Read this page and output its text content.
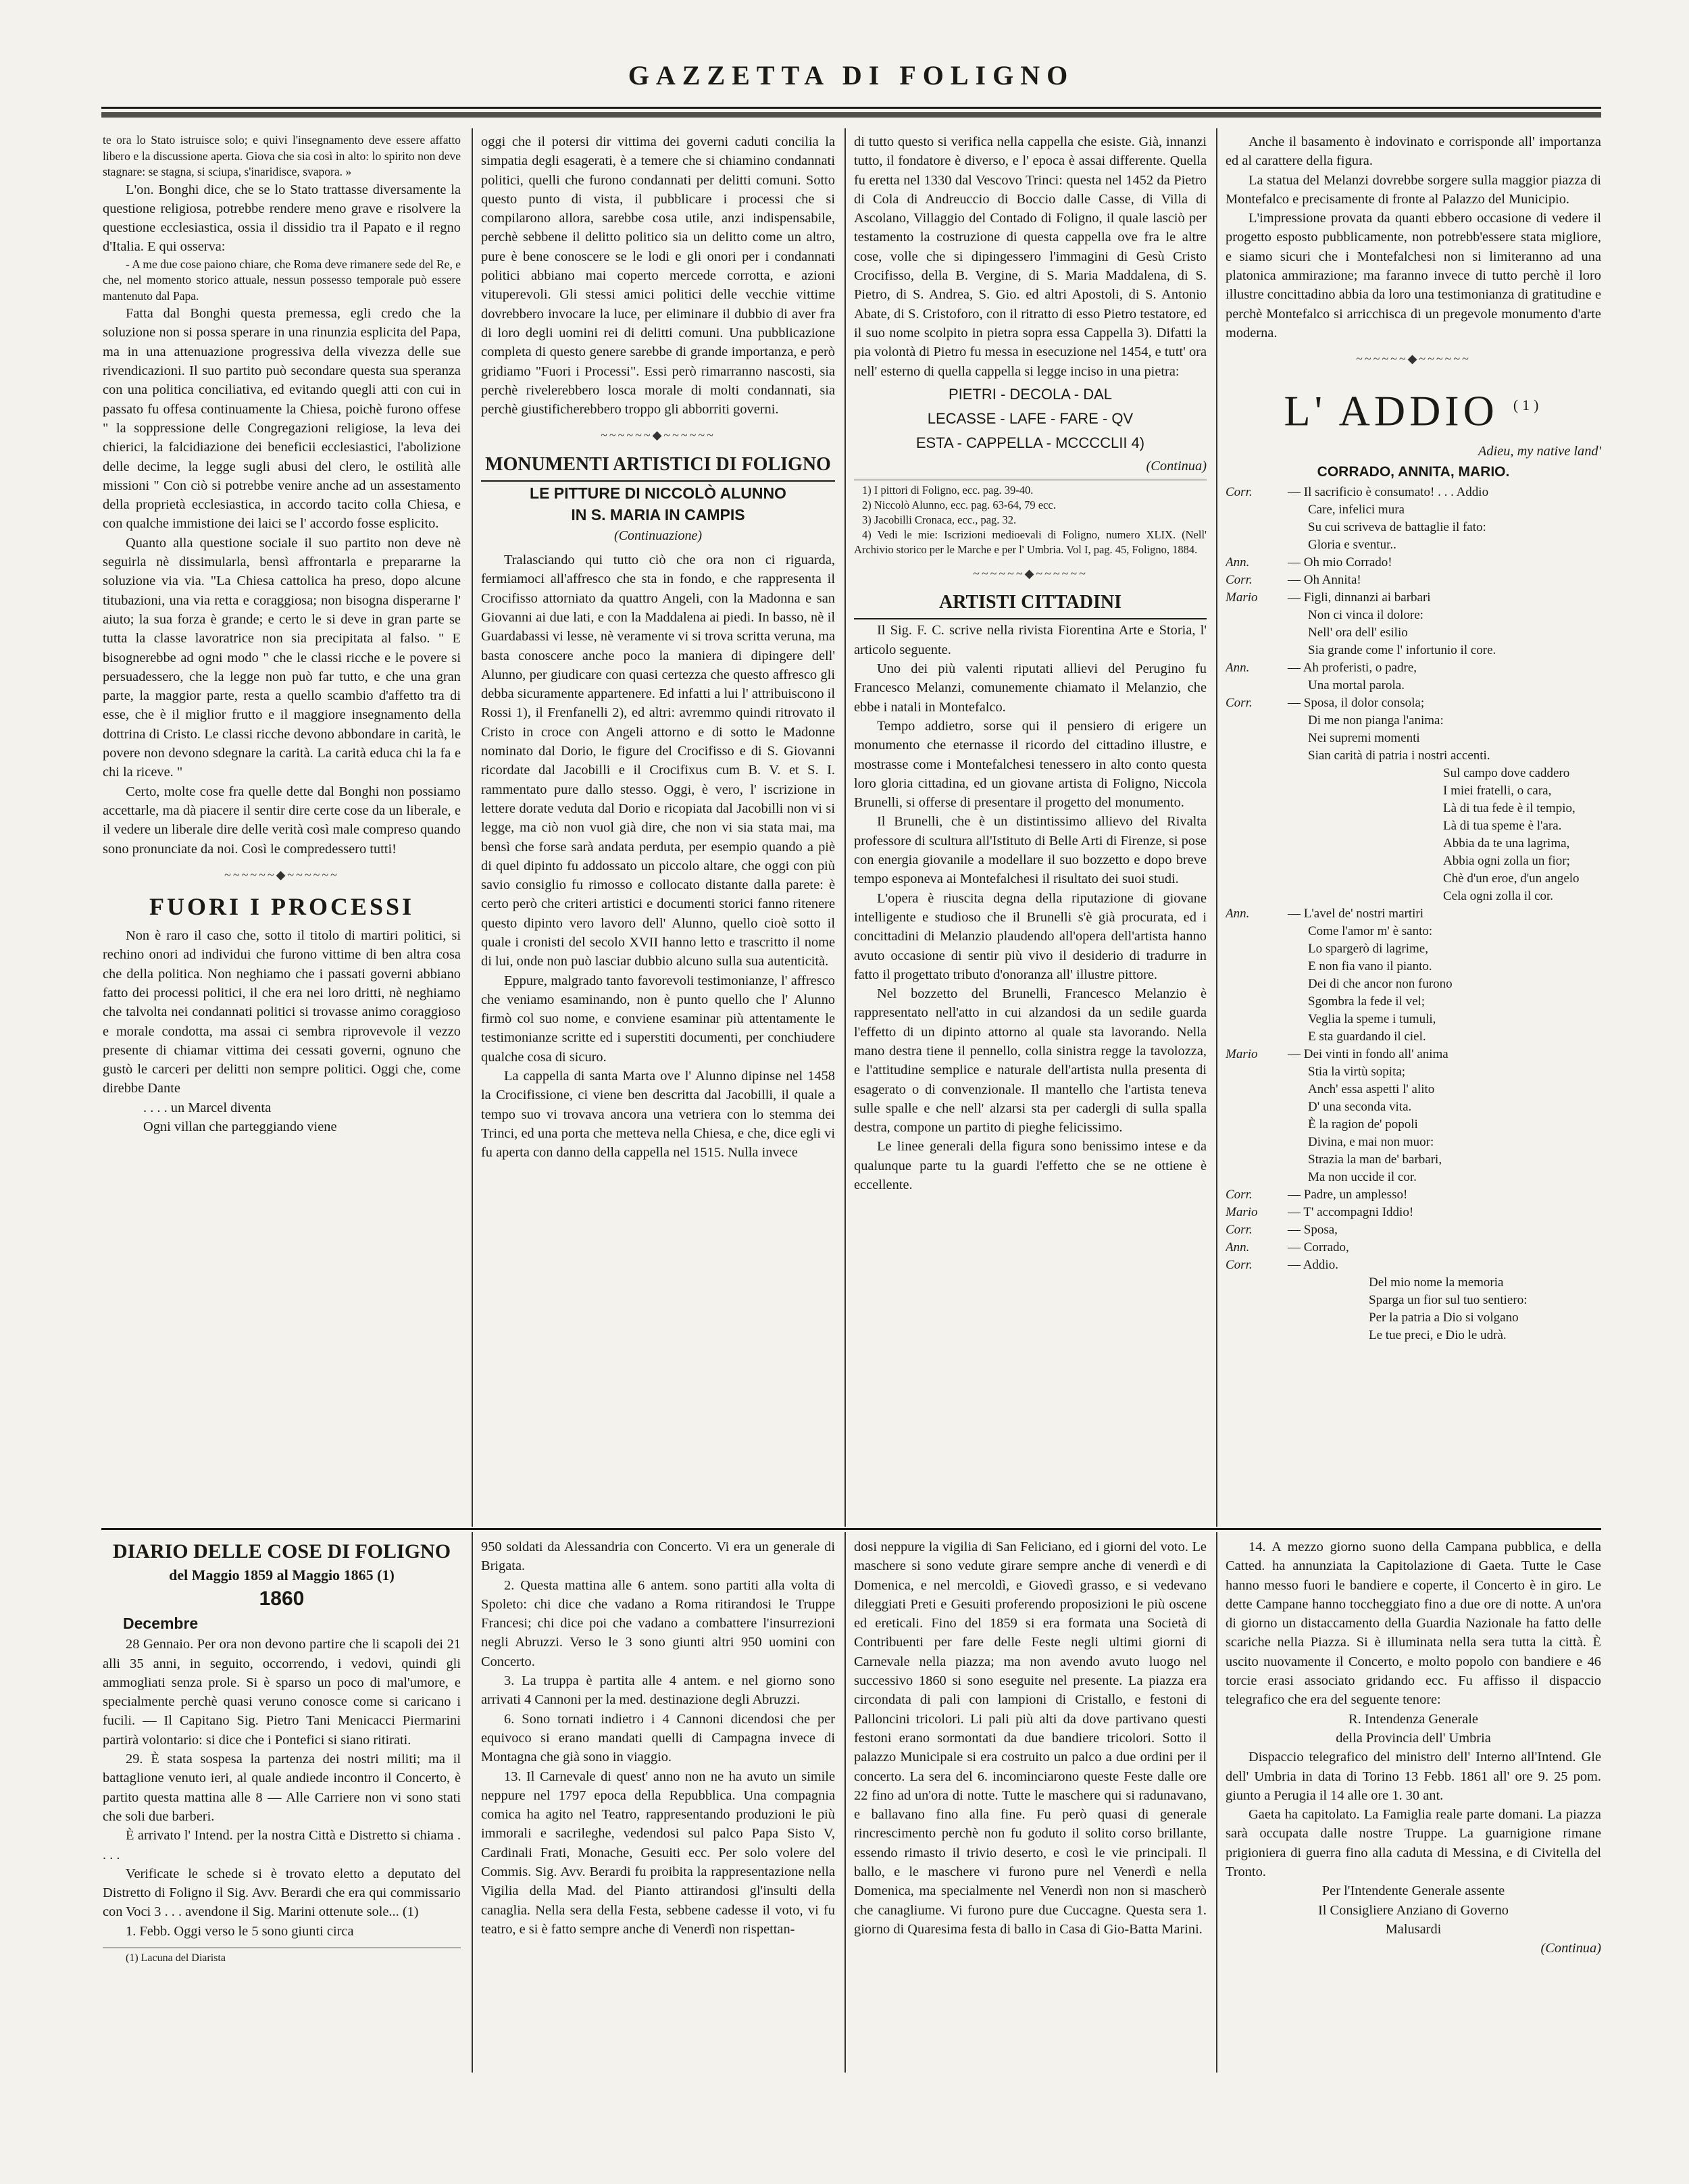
GAZZETTA DI FOLIGNO

te ora lo Stato istruisce solo; e quivi l'insegnamento deve essere affatto libero e la discussione aperta. Giova che sia così in alto: lo spirito non deve stagnare: se stagna, si sciupa, s'inaridisce, svapora. »

L'on. Bonghi dice, che se lo Stato trattasse diversamente la questione religiosa, potrebbe rendere meno grave e risolvere la questione ecclesiastica, ossia il dissidio tra il Papato e il regno d'Italia. E qui osserva:

- A me due cose paiono chiare, che Roma deve rimanere sede del Re, e che, nel momento storico attuale, nessun possesso temporale può essere mantenuto dal Papa.

Fatta dal Bonghi questa premessa, egli credo che la soluzione non si possa sperare in una rinunzia esplicita del Papa, ma in una attenuazione progressiva della vivezza delle sue rivendicazioni. Il suo partito può secondare questa sua speranza con una politica conciliativa, ed evitando quegli atti con cui in passato fu offesa continuamente la Chiesa, poichè furono offese " la soppressione delle Congregazioni religiose, la leva dei chierici, la falcidiazione dei beneficii ecclesiastici, l'abolizione delle decime, la legge sugli abusi del clero, le ostilità alle missioni " Con ciò si potrebbe venire anche ad un assestamento della proprietà ecclesiastica, in accordo tacito colla Chiesa, e con qualche immistione dei laici se l' accordo fosse esplicito.

Quanto alla questione sociale il suo partito non deve nè seguirla nè dissimularla, bensì affrontarla e prepararne la soluzione via via. "La Chiesa cattolica ha preso, dopo alcune titubazioni, una via retta e coraggiosa; non bisogna disperarne l' aiuto; la sua forza è grande; e certo le si deve in gran parte se tutta la classe lavoratrice non sia precipitata al falso. " E bisognerebbe ad ogni modo " che le classi ricche e le povere si persuadessero, che la legge non può far tutto, e che una gran parte, la maggior parte, resta a quello scambio d'affetto tra di esse, che è il miglior frutto e il maggiore insegnamento della dottrina di Cristo. Le classi ricche devono abbondare in carità, le povere non devono sdegnare la carità. La carità educa chi la fa e chi la riceve. "

Certo, molte cose fra quelle dette dal Bonghi non possiamo accettarle, ma dà piacere il sentir dire certe cose da un liberale, e il vedere un liberale dire delle verità così male compreso quando sono pronunciate da noi. Così le compredessero tutti!

~~~~~~◆~~~~~~
FUORI I PROCESSI

Non è raro il caso che, sotto il titolo di martiri politici, si rechino onori ad individui che furono vittime di ben altra cosa che della politica. Non neghiamo che i passati governi abbiano fatto dei processi politici, il che era nei loro dritti, nè neghiamo che talvolta nei condannati politici si trovasse animo coraggioso e morale condotta, ma assai ci sembra riprovevole il vezzo presente di chiamar vittima dei cessati governi, ognuno che gustò le carceri per delitti non sempre politici. Oggi che, come direbbe Dante

. . . . un Marcel diventa

Ogni villan che parteggiando viene

oggi che il potersi dir vittima dei governi caduti concilia la simpatia degli esagerati, è a temere che si chiamino condannati politici, quelli che furono condannati per delitti comuni. Sotto questo punto di vista, il pubblicare i processi che si compilarono allora, sarebbe cosa utile, anzi indispensabile, perchè sebbene il delitto politico sia un delitto come un altro, pure è bene conoscere se le lodi e gli onori per i condannati politici abbiano mai coperto mercede corrotta, e azioni vituperevoli. Gli stessi amici politici delle vecchie vittime dovrebbero invocare la luce, per eliminare il dubbio di aver fra di loro degli uomini rei di delitti comuni. Una pubblicazione completa di questo genere sarebbe di grande importanza, e però gridiamo "Fuori i Processi". Essi però rimarranno nascosti, sia perchè rivelerebbero losca morale di molti condannati, sia perchè giustificherebbero troppo gli abborriti governi.

~~~~~~◆~~~~~~
MONUMENTI ARTISTICI DI FOLIGNO
LE PITTURE DI NICCOLÒ ALUNNO
IN S. MARIA IN CAMPIS
(Continuazione)

Tralasciando qui tutto ciò che ora non ci riguarda, fermiamoci all'affresco che sta in fondo, e che rappresenta il Crocifisso attorniato da quattro Angeli, con la Madonna e san Giovanni ai due lati, e con la Maddalena ai piedi. In basso, nè il Guardabassi vi lesse, nè veramente vi si trova scritta veruna, ma basta conoscere anche poco la maniera di dipingere dell' Alunno, per giudicare con quasi certezza che questo affresco gli debba sicuramente appartenere. Ed infatti a lui l' attribuiscono il Rossi 1), il Frenfanelli 2), ed altri: avremmo quindi ritrovato il Cristo in croce con Angeli attorno e di sotto le Madonne nominato dal Dorio, le figure del Crocifisso e di S. Giovanni ricordate dal Jacobilli e il Crocifixus cum B. V. et S. I. rammentato pure dallo stesso. Oggi, è vero, l' iscrizione in lettere dorate veduta dal Dorio e ricopiata dal Jacobilli non vi si legge, ma ciò non vuol già dire, che non vi sia stata mai, ma bensì che forse sarà andata perduta, per esempio quando a piè di quel dipinto fu addossato un piccolo altare, che oggi con più savio consiglio fu rimosso e collocato distante dalla parete: è certo però che criteri artistici e documenti storici fanno ritenere questo dipinto vero lavoro dell' Alunno, quello cioè sotto il quale i cronisti del secolo XVII hanno letto e trascritto il nome di lui, onde non può lasciar dubbio alcuno sulla sua autenticità.

Eppure, malgrado tanto favorevoli testimonianze, l' affresco che veniamo esaminando, non è punto quello che l' Alunno firmò col suo nome, e conviene esaminar più attentamente le testimonianze scritte ed i superstiti documenti, per conchiudere qualche cosa di sicuro.

La cappella di santa Marta ove l' Alunno dipinse nel 1458 la Crocifissione, ci viene ben descritta dal Jacobilli, il quale a tempo suo vi trovava ancora una vetriera con lo stemma dei Trinci, ed una porta che metteva nella Chiesa, e che, dice egli vi fu aperta con danno della cappella nel 1515. Nulla invece

di tutto questo si verifica nella cappella che esiste. Già, innanzi tutto, il fondatore è diverso, e l' epoca è assai differente. Quella fu eretta nel 1330 dal Vescovo Trinci: questa nel 1452 da Pietro di Cola di Andreuccio di Boccio dalle Casse, di Villa di Ascolano, Villaggio del Contado di Foligno, il quale lasciò per testamento la costruzione di questa cappella ove fra le altre cose, volle che si dipingessero l'immagini di Gesù Cristo Crocifisso, della B. Vergine, di S. Maria Maddalena, di S. Pietro, di S. Andrea, S. Gio. ed altri Apostoli, di S. Antonio Abate, di S. Cristoforo, con il ritratto di esso Pietro testatore, ed il suo nome scolpito in pietra sopra essa Cappella 3). Difatti la pia volontà di Pietro fu messa in esecuzione nel 1454, e tutt' ora nell' esterno di quella cappella si legge inciso in una pietra:

PIETRI - DECOLA - DAL
LECASSE - LAFE - FARE - QV
ESTA - CAPPELLA - MCCCCLII 4)

(Continua)

1) I pittori di Foligno, ecc. pag. 39-40.

2) Niccolò Alunno, ecc. pag. 63-64, 79 ecc.

3) Jacobilli Cronaca, ecc., pag. 32.

4) Vedi le mie: Iscrizioni medioevali di Foligno, numero XLIX. (Nell' Archivio storico per le Marche e per l' Umbria. Vol I, pag. 45, Foligno, 1884.

~~~~~~◆~~~~~~
ARTISTI CITTADINI

Il Sig. F. C. scrive nella rivista Fiorentina Arte e Storia, l' articolo seguente.

Uno dei più valenti riputati allievi del Perugino fu Francesco Melanzi, comunemente chiamato il Melanzio, che ebbe i natali in Montefalco.

Tempo addietro, sorse qui il pensiero di erigere un monumento che eternasse il ricordo del cittadino illustre, e mostrasse come i Montefalchesi tenessero in alto conto questa loro gloria cittadina, ed un giovane artista di Foligno, Niccola Brunelli, si offerse di presentare il progetto del monumento.

Il Brunelli, che è un distintissimo allievo del Rivalta professore di scultura all'Istituto di Belle Arti di Firenze, si pose con energia giovanile a modellare il suo bozzetto e dopo breve tempo esponeva ai Montefalchesi il risultato dei suoi studi.

L'opera è riuscita degna della riputazione di giovane intelligente e studioso che il Brunelli s'è già procurata, ed i concittadini di Melanzio plaudendo all'opera dell'artista hanno avuto occasione di sentir più vivo il desiderio di tradurre in fatto il progettato tributo d'onoranza all' illustre pittore.

Nel bozzetto del Brunelli, Francesco Melanzio è rappresentato nell'atto in cui alzandosi da un sedile guarda l'effetto di un dipinto attorno al quale sta lavorando. Nella mano destra tiene il pennello, colla sinistra regge la tavolozza, e l'attitudine semplice e naturale dell'artista nulla presenta di esagerato o di convenzionale. Il mantello che l'artista teneva sulle spalle e che nell' alzarsi sta per cadergli di sulla spalla destra, compone un partito di pieghe felicissimo.

Le linee generali della figura sono benissimo intese e da qualunque parte tu la guardi l'effetto che se ne ottiene è eccellente.

Anche il basamento è indovinato e corrisponde all' importanza ed al carattere della figura.

La statua del Melanzi dovrebbe sorgere sulla maggior piazza di Montefalco e precisamente di fronte al Palazzo del Municipio.

L'impressione provata da quanti ebbero occasione di vedere il progetto esposto pubblicamente, non potrebb'essere stata migliore, e siamo sicuri che i Montefalchesi non si limiteranno ad una platonica ammirazione; ma faranno invece di tutto perchè il loro illustre concittadino abbia da loro una testimonianza di gratitudine e perchè Montefalco si arricchisca di un pregevole monumento d'arte moderna.

~~~~~~◆~~~~~~
L' ADDIO $^{(1)}$

Adieu, my native land'

CORRADO, ANNITA, MARIO.
Corr.	— Il sacrificio è consumato! . . . Addio
Care, infelici mura
Su cui scriveva de battaglie il fato:
Gloria e sventur..
Ann.	— Oh mio Corrado!
Corr.	— Oh Annita!
Mario	— Figli, dinnanzi ai barbari
Non ci vinca il dolore:
Nell' ora dell' esilio
Sia grande come l' infortunio il core.
Ann.	— Ah proferisti, o padre,
Una mortal parola.
Corr.	— Sposa, il dolor consola;
Di me non pianga l'anima:
Nei supremi momenti
Sian carità di patria i nostri accenti.
Sul campo dove caddero
I miei fratelli, o cara,
Là di tua fede è il tempio,
Là di tua speme è l'ara.
Abbia da te una lagrima,
Abbia ogni zolla un fior;
Chè d'un eroe, d'un angelo
Cela ogni zolla il cor.
Ann.	— L'avel de' nostri martiri
Come l'amor m' è santo:
Lo spargerò di lagrime,
E non fia vano il pianto.
Dei di che ancor non furono
Sgombra la fede il vel;
Veglia la speme i tumuli,
E sta guardando il ciel.
Mario	— Dei vinti in fondo all' anima
Stia la virtù sopita;
Anch' essa aspetti l' alito
D' una seconda vita.
È la ragion de' popoli
Divina, e mai non muor:
Strazia la man de' barbari,
Ma non uccide il cor.
Corr.	— Padre, un amplesso!
Mario	— T' accompagni Iddio!
Corr.	— Sposa,
Ann.	— Corrado,
Corr.	— Addio.
Del mio nome la memoria
Sparga un fior sul tuo sentiero:
Per la patria a Dio si volgano
Le tue preci, e Dio le udrà.
DIARIO DELLE COSE DI FOLIGNO
del Maggio 1859 al Maggio 1865 (1)
1860
Decembre

28 Gennaio. Per ora non devono partire che li scapoli dei 21 alli 35 anni, in seguito, occorrendo, i vedovi, quindi gli ammogliati senza prole. Si è sparso un poco di mal'umore, e specialmente perchè quasi veruno conosce come si caricano i fucili. — Il Capitano Sig. Pietro Tani Menicacci Piermarini partirà volontario: si dice che i Pontefici si siano ritirati.

29. È stata sospesa la partenza dei nostri militi; ma il battaglione venuto ieri, al quale andiede incontro il Concerto, è partito questa mattina alle 8 — Alle Carriere non vi sono stati che soli due barberi.

È arrivato l' Intend. per la nostra Città e Distretto si chiama . . . .

Verificate le schede si è trovato eletto a deputato del Distretto di Foligno il Sig. Avv. Berardi che era qui commissario con Voci 3 . . . avendone il Sig. Marini ottenute sole... (1)

1. Febb. Oggi verso le 5 sono giunti circa

(1) Lacuna del Diarista

950 soldati da Alessandria con Concerto. Vi era un generale di Brigata.

2. Questa mattina alle 6 antem. sono partiti alla volta di Spoleto: chi dice che vadano a Roma ritirandosi le Truppe Francesi; chi dice poi che vadano a combattere l'insurrezioni negli Abruzzi. Verso le 3 sono giunti altri 950 uomini con Concerto.

3. La truppa è partita alle 4 antem. e nel giorno sono arrivati 4 Cannoni per la med. destinazione degli Abruzzi.

6. Sono tornati indietro i 4 Cannoni dicendosi che per equivoco si erano mandati quelli di Campagna invece di Montagna che già sono in viaggio.

13. Il Carnevale di quest' anno non ne ha avuto un simile neppure nel 1797 epoca della Repubblica. Una compagnia comica ha agito nel Teatro, rappresentando produzioni le più immorali e sacrileghe, vedendosi sul palco Papa Sisto V, Cardinali Frati, Monache, Gesuiti ecc. Per solo volere del Commis. Sig. Avv. Berardi fu proibita la rappresentazione nella Vigilia della Mad. del Pianto attirandosi gl'insulti della canaglia. Nella sera della Festa, sebbene cadesse il voto, vi fu teatro, e si è fatto sempre anche di Venerdì non rispettan-

dosi neppure la vigilia di San Feliciano, ed i giorni del voto. Le maschere si sono vedute girare sempre anche di venerdì e di Domenica, e nel mercoldì, e Giovedì grasso, e si vedevano dileggiati Preti e Gesuiti proferendo proposizioni le più oscene ed ereticali. Fino del 1859 si era formata una Società di Contribuenti per fare delle Feste negli ultimi giorni di Carnevale nella piazza; ma non avendo avuto luogo nel successivo 1860 si sono eseguite nel presente. La piazza era circondata di pali con lampioni di Cristallo, e festoni di Palloncini tricolori. Li pali più alti da dove partivano questi festoni erano sormontati da due bandiere tricolori. Sotto il palazzo Municipale si era costruito un palco a due ordini per il concerto. La sera del 6. incominciarono queste Feste dalle ore 22 fino ad un'ora di notte. Tutte le maschere qui si radunavano, e ballavano fino alla fine. Fu però quasi di generale rincrescimento perchè non fu goduto il solito corso brillante, essendo rimasto il trivio deserto, e così le vie principali. Il ballo, e le maschere vi furono pure nel Venerdì e nella Domenica, ma specialmente nel Venerdì non non si mascherò che canagliume. Vi furono pure due Cuccagne. Questa sera 1. giorno di Quaresima festa di ballo in Casa di Gio-Batta Marini.

14. A mezzo giorno suono della Campana pubblica, e della Catted. ha annunziata la Capitolazione di Gaeta. Tutte le Case hanno messo fuori le bandiere e coperte, il Concerto è in giro. Le dette Campane hanno toccheggiato fino a due ore di notte. A un'ora di giorno un distaccamento della Guardia Nazionale ha fatto delle scariche nella Piazza. Si è illuminata nella sera tutta la città. È uscito nuovamente il Concerto, e molto popolo con bandiere e 46 torcie erasi associato gridando ecc. Fu affisso il dispaccio telegrafico che era del seguente tenore:

R. Intendenza Generale

della Provincia dell' Umbria

Dispaccio telegrafico del ministro dell' Interno all'Intend. Gle dell' Umbria in data di Torino 13 Febb. 1861 all' ore 9. 25 pom. giunto a Perugia il 14 alle ore 1. 30 ant.

Gaeta ha capitolato. La Famiglia reale parte domani. La piazza sarà occupata dalle nostre Truppe. La guarnigione rimane prigioniera di guerra fino alla caduta di Messina, e di Civitella del Tronto.

Per l'Intendente Generale assente

Il Consigliere Anziano di Governo

Malusardi

(Continua)
